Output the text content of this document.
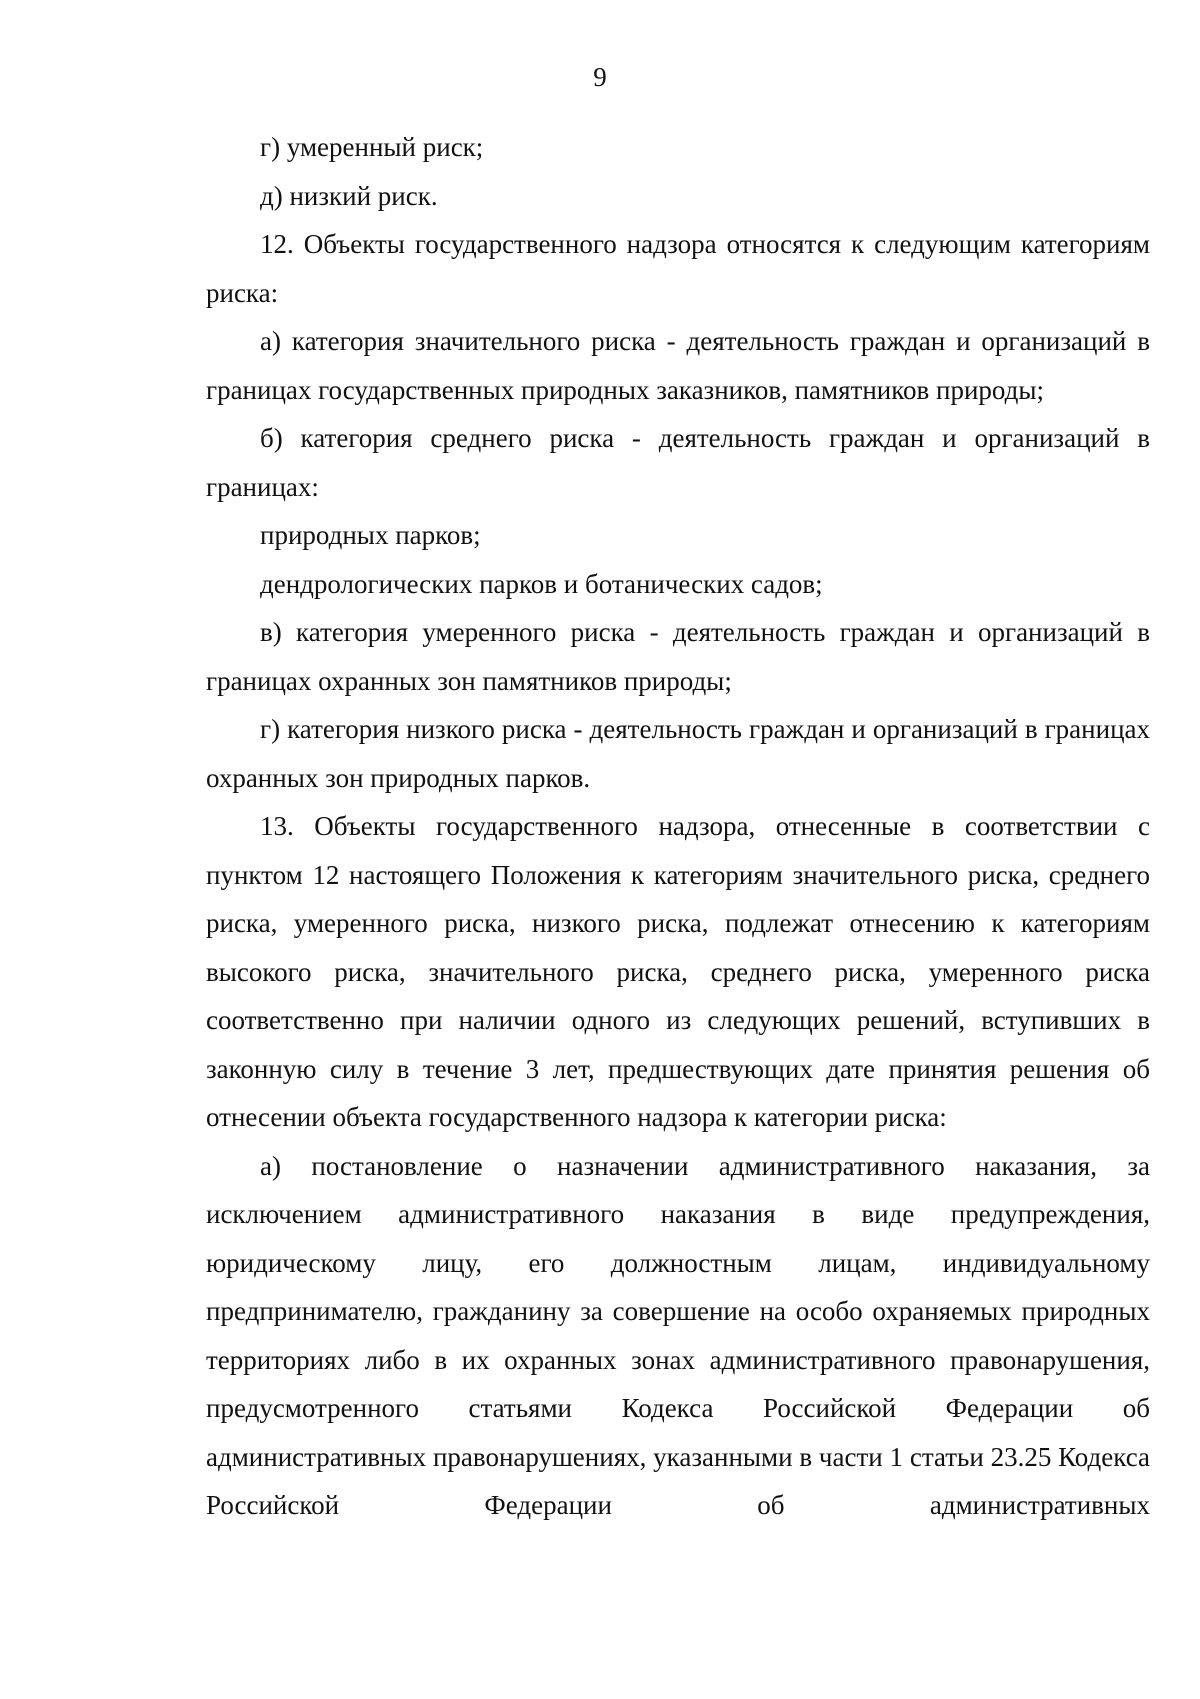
9

г) умеренный риск;

д) низкий риск.

12. Объекты государственного надзора относятся к следующим категориям риска:

а) категория значительного риска - деятельность граждан и организаций в границах государственных природных заказников, памятников природы;

б) категория среднего риска - деятельность граждан и организаций в границах:

природных парков;

дендрологических парков и ботанических садов;

в) категория умеренного риска - деятельность граждан и организаций в границах охранных зон памятников природы;

г) категория низкого риска - деятельность граждан и организаций в границах охранных зон природных парков.

13. Объекты государственного надзора, отнесенные в соответствии с пунктом 12 настоящего Положения к категориям значительного риска, среднего риска, умеренного риска, низкого риска, подлежат отнесению к категориям высокого риска, значительного риска, среднего риска, умеренного риска соответственно при наличии одного из следующих решений, вступивших в законную силу в течение 3 лет, предшествующих дате принятия решения об отнесении объекта государственного надзора к категории риска:

а) постановление о назначении административного наказания, за исключением административного наказания в виде предупреждения, юридическому лицу, его должностным лицам, индивидуальному предпринимателю, гражданину за совершение на особо охраняемых природных территориях либо в их охранных зонах административного правонарушения, предусмотренного статьями Кодекса Российской Федерации об административных правонарушениях, указанными в части 1 статьи 23.25 Кодекса Российской Федерации об административных
